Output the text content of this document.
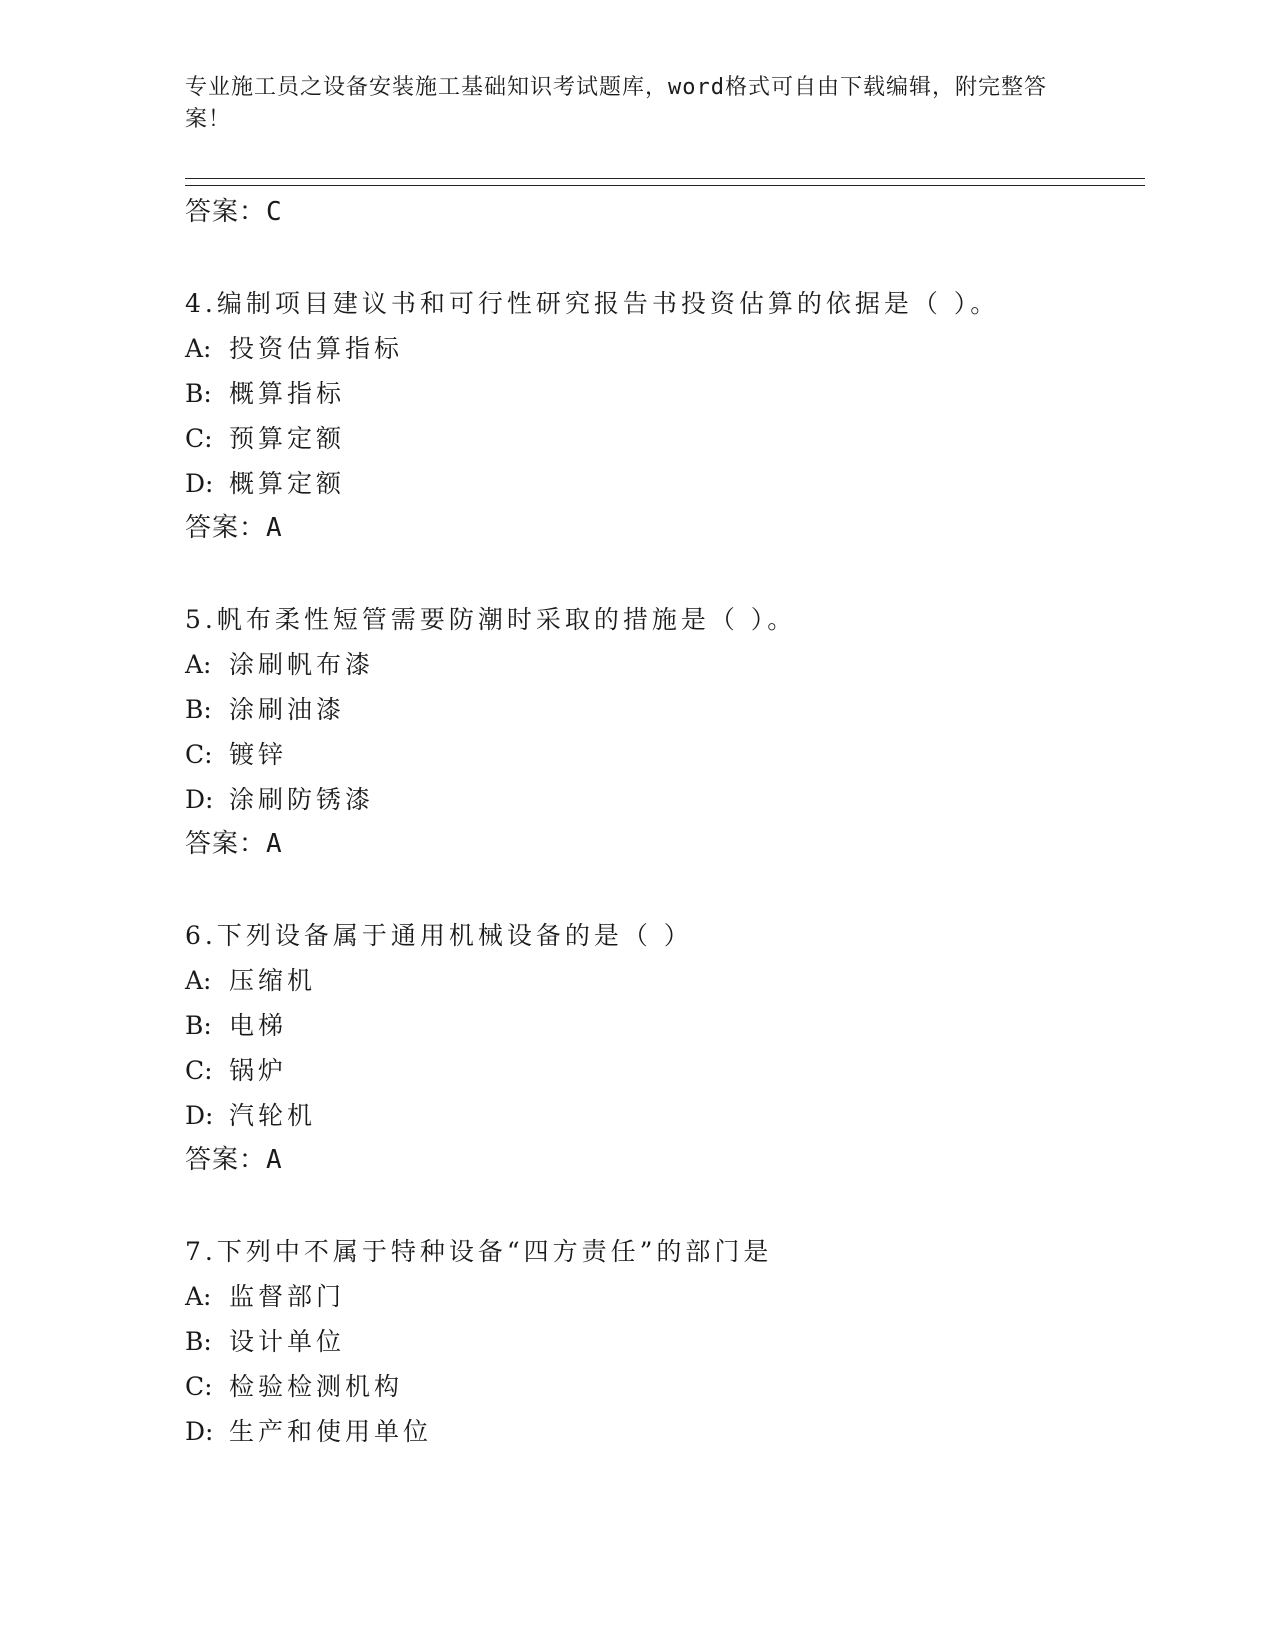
专业施工员之设备安装施工基础知识考试题库，word格式可自由下载编辑，附完整答案！
答案：C
4.编制项目建议书和可行性研究报告书投资估算的依据是（ ）。
A: 投资估算指标
B: 概算指标
C: 预算定额
D: 概算定额
答案：A
5.帆布柔性短管需要防潮时采取的措施是（ ）。
A: 涂刷帆布漆
B: 涂刷油漆
C: 镀锌
D: 涂刷防锈漆
答案：A
6.下列设备属于通用机械设备的是（ ）
A: 压缩机
B: 电梯
C: 锅炉
D: 汽轮机
答案：A
7.下列中不属于特种设备“四方责任”的部门是
A: 监督部门
B: 设计单位
C: 检验检测机构
D: 生产和使用单位
